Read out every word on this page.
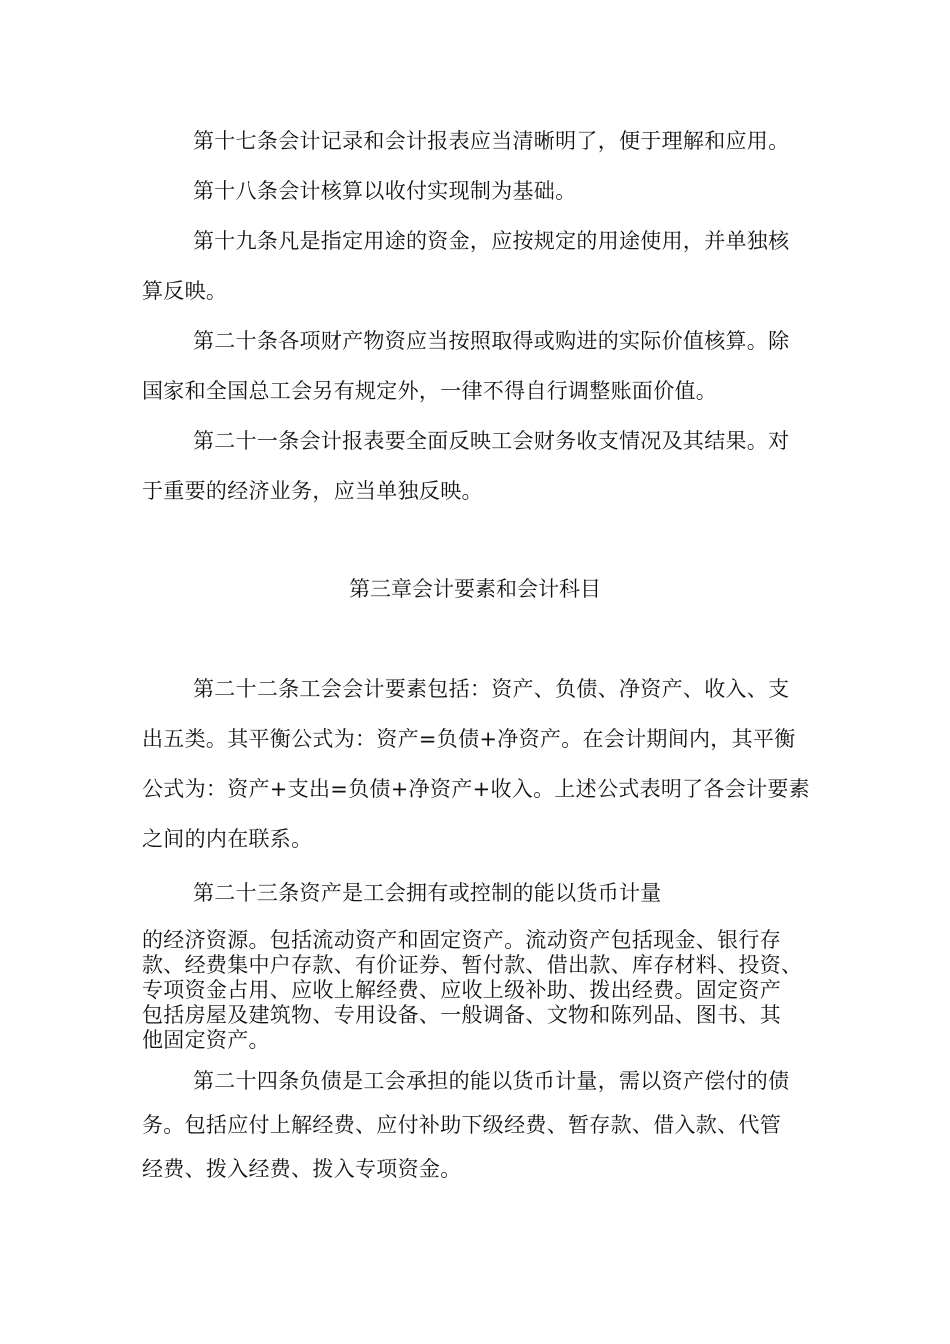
第十七条会计记录和会计报表应当清晰明了，便于理解和应用。
第十八条会计核算以收付实现制为基础。
第十九条凡是指定用途的资金，应按规定的用途使用，并单独核
算反映。
第二十条各项财产物资应当按照取得或购进的实际价值核算。除
国家和全国总工会另有规定外，一律不得自行调整账面价值。
第二十一条会计报表要全面反映工会财务收支情况及其结果。对
于重要的经济业务，应当单独反映。
第三章会计要素和会计科目
第二十二条工会会计要素包括：资产、负债、净资产、收入、支
出五类。其平衡公式为：资产=负债+净资产。在会计期间内，其平衡
公式为：资产+支出=负债+净资产+收入。上述公式表明了各会计要素
之间的内在联系。
第二十三条资产是工会拥有或控制的能以货币计量
的经济资源。包括流动资产和固定资产。流动资产包括现金、银行存
款、经费集中户存款、有价证券、暂付款、借出款、库存材料、投资、
专项资金占用、应收上解经费、应收上级补助、拨出经费。固定资产
包括房屋及建筑物、专用设备、一般调备、文物和陈列品、图书、其
他固定资产。
第二十四条负债是工会承担的能以货币计量，需以资产偿付的债
务。包括应付上解经费、应付补助下级经费、暂存款、借入款、代管
经费、拨入经费、拨入专项资金。
